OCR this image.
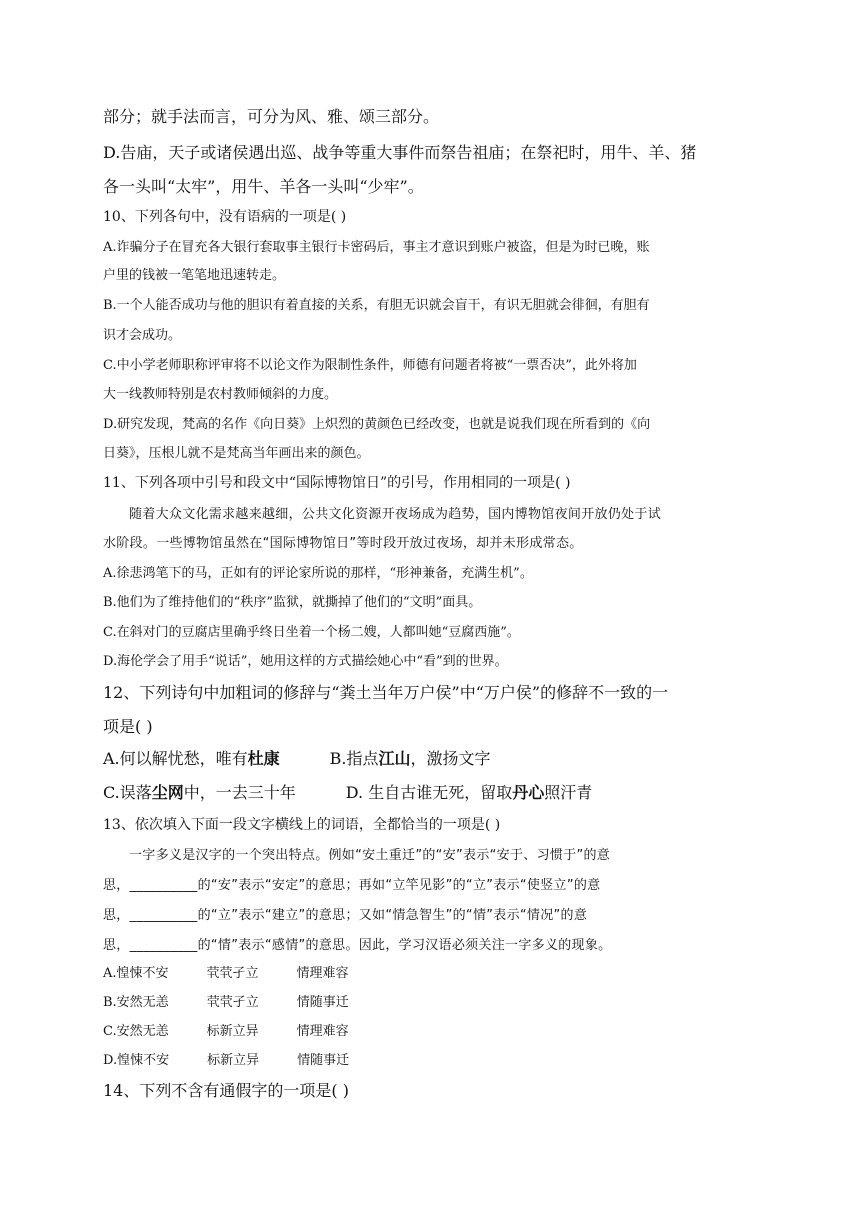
部分；就手法而言，可分为风、雅、颂三部分。
D.告庙，天子或诸侯遇出巡、战争等重大事件而祭告祖庙；在祭祀时，用牛、羊、猪
各一头叫“太牢”，用牛、羊各一头叫“少牢”。
10、下列各句中，没有语病的一项是( )
A.诈骗分子在冒充各大银行套取事主银行卡密码后，事主才意识到账户被盗，但是为时已晚，账
户里的钱被一笔笔地迅速转走。
B.一个人能否成功与他的胆识有着直接的关系，有胆无识就会盲干，有识无胆就会徘徊，有胆有
识才会成功。
C.中小学老师职称评审将不以论文作为限制性条件，师德有问题者将被“一票否决”，此外将加
大一线教师特别是农村教师倾斜的力度。
D.研究发现，梵高的名作《向日葵》上炽烈的黄颜色已经改变，也就是说我们现在所看到的《向
日葵》，压根儿就不是梵高当年画出来的颜色。
11、下列各项中引号和段文中“国际博物馆日”的引号，作用相同的一项是( )
随着大众文化需求越来越细，公共文化资源开夜场成为趋势，国内博物馆夜间开放仍处于试
水阶段。一些博物馆虽然在“国际博物馆日”等时段开放过夜场，却并未形成常态。
A.徐悲鸿笔下的马，正如有的评论家所说的那样，“形神兼备，充满生机”。
B.他们为了维持他们的“秩序”监狱，就撕掉了他们的“文明”面具。
C.在斜对门的豆腐店里确乎终日坐着一个杨二嫂，人都叫她“豆腐西施”。
D.海伦学会了用手“说话”，她用这样的方式描绘她心中“看”到的世界。
12、下列诗句中加粗词的修辞与“粪土当年万户侯”中“万户侯”的修辞不一致的一
项是( )
A.何以解忧愁，唯有杜康	B.指点江山，激扬文字
C.误落尘网中，一去三十年	D. 生自古谁无死，留取丹心照汗青
13、依次填入下面一段文字横线上的词语，全都恰当的一项是( )
一字多义是汉字的一个突出特点。例如“安土重迁”的“安”表示“安于、习惯于”的意
思，__________的“安”表示“安定”的意思；再如“立竿见影”的“立”表示“使竖立”的意
思，__________的“立”表示“建立”的意思；又如“情急智生”的“情”表示“情况”的意
思，__________的“情”表示“感情”的意思。因此，学习汉语必须关注一字多义的现象。
A.惶悚不安	茕茕孑立	情理难容
B.安然无恙	茕茕孑立	情随事迁
C.安然无恙	标新立异	情理难容
D.惶悚不安	标新立异	情随事迁
14、下列不含有通假字的一项是( )
